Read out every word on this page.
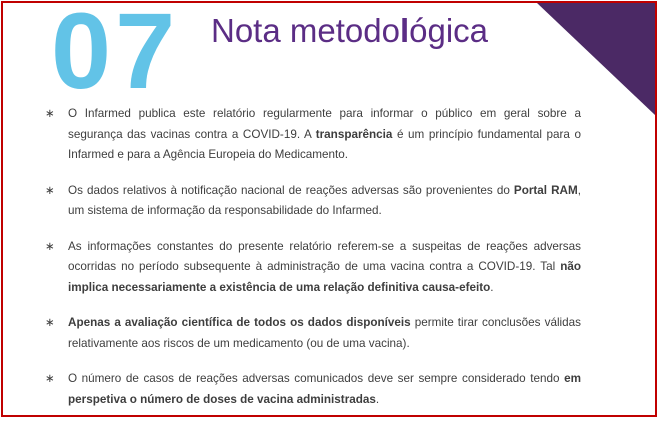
07 Nota metodológica
∗	O Infarmed publica este relatório regularmente para informar o público em geral sobre a segurança das vacinas contra a COVID-19. A transparência é um princípio fundamental para o Infarmed e para a Agência Europeia do Medicamento.

∗	Os dados relativos à notificação nacional de reações adversas são provenientes do Portal RAM, um sistema de informação da responsabilidade do Infarmed.

∗	As informações constantes do presente relatório referem-se a suspeitas de reações adversas ocorridas no período subsequente à administração de uma vacina contra a COVID-19. Tal não implica necessariamente a existência de uma relação definitiva causa-efeito.

∗	Apenas a avaliação científica de todos os dados disponíveis permite tirar conclusões válidas relativamente aos riscos de um medicamento (ou de uma vacina).

∗	O número de casos de reações adversas comunicados deve ser sempre considerado tendo em perspetiva o número de doses de vacina administradas.
